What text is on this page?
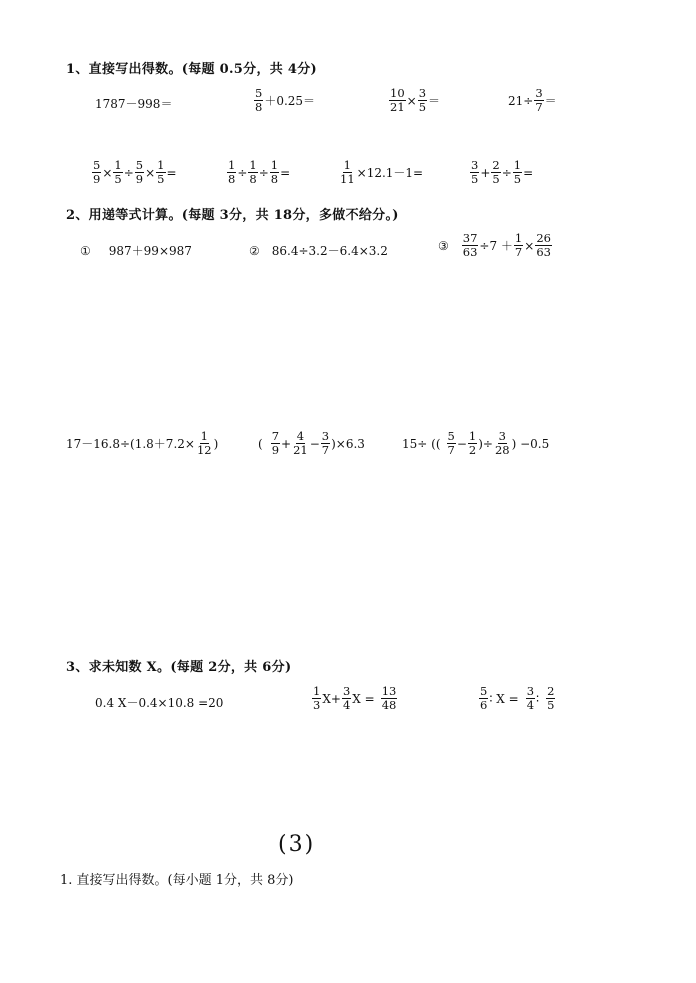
1、直接写出得数。(每题 0.5分，共 4分)
1787－998＝	$\frac{5}{8} +0.25=$	$\frac{10}{21} \times \frac{3}{5}$ ＝	$21\div \frac{3}{7}$ ＝
$\frac{5}{9} \times \frac{1}{5} \div \frac{5}{9} \times \frac{1}{5}$ =	$\frac{1}{8} \div \frac{1}{8} \div \frac{1}{8}$ =	$\frac{1}{11} \times 12.1-1=$	$\frac{3}{5} + \frac{2}{5} \div \frac{1}{5}$ =
2、用递等式计算。(每题 3分，共 18分，多做不给分。)
① 987＋99×987	② 86.4÷3.2－6.4×3.2	③ $\frac{37}{63} \div 7 + \frac{1}{7} \times \frac{26}{63}$
$17-16.8\div(1.8+7.2\times \frac{1}{12}$ )	( $\frac{7}{9} + \frac{4}{21} - \frac{3}{7} )\times 6.3$	15÷ (( $\frac{5}{7} - \frac{1}{2}$ )÷ $\frac{3}{28}$ ) −0.5
3、求未知数 X。(每题 2分，共 6分)
0.4 X－0.4×10.8 =20	$\frac{1}{3} X+ \frac{3}{4}$ $X = \frac{13}{48}$	$\frac{5}{6}$ ∶ $X = \frac{3}{4}$ ∶ $\frac{2}{5}$
(3)
1. 直接写出得数。(每小题 1分，共 8分)
